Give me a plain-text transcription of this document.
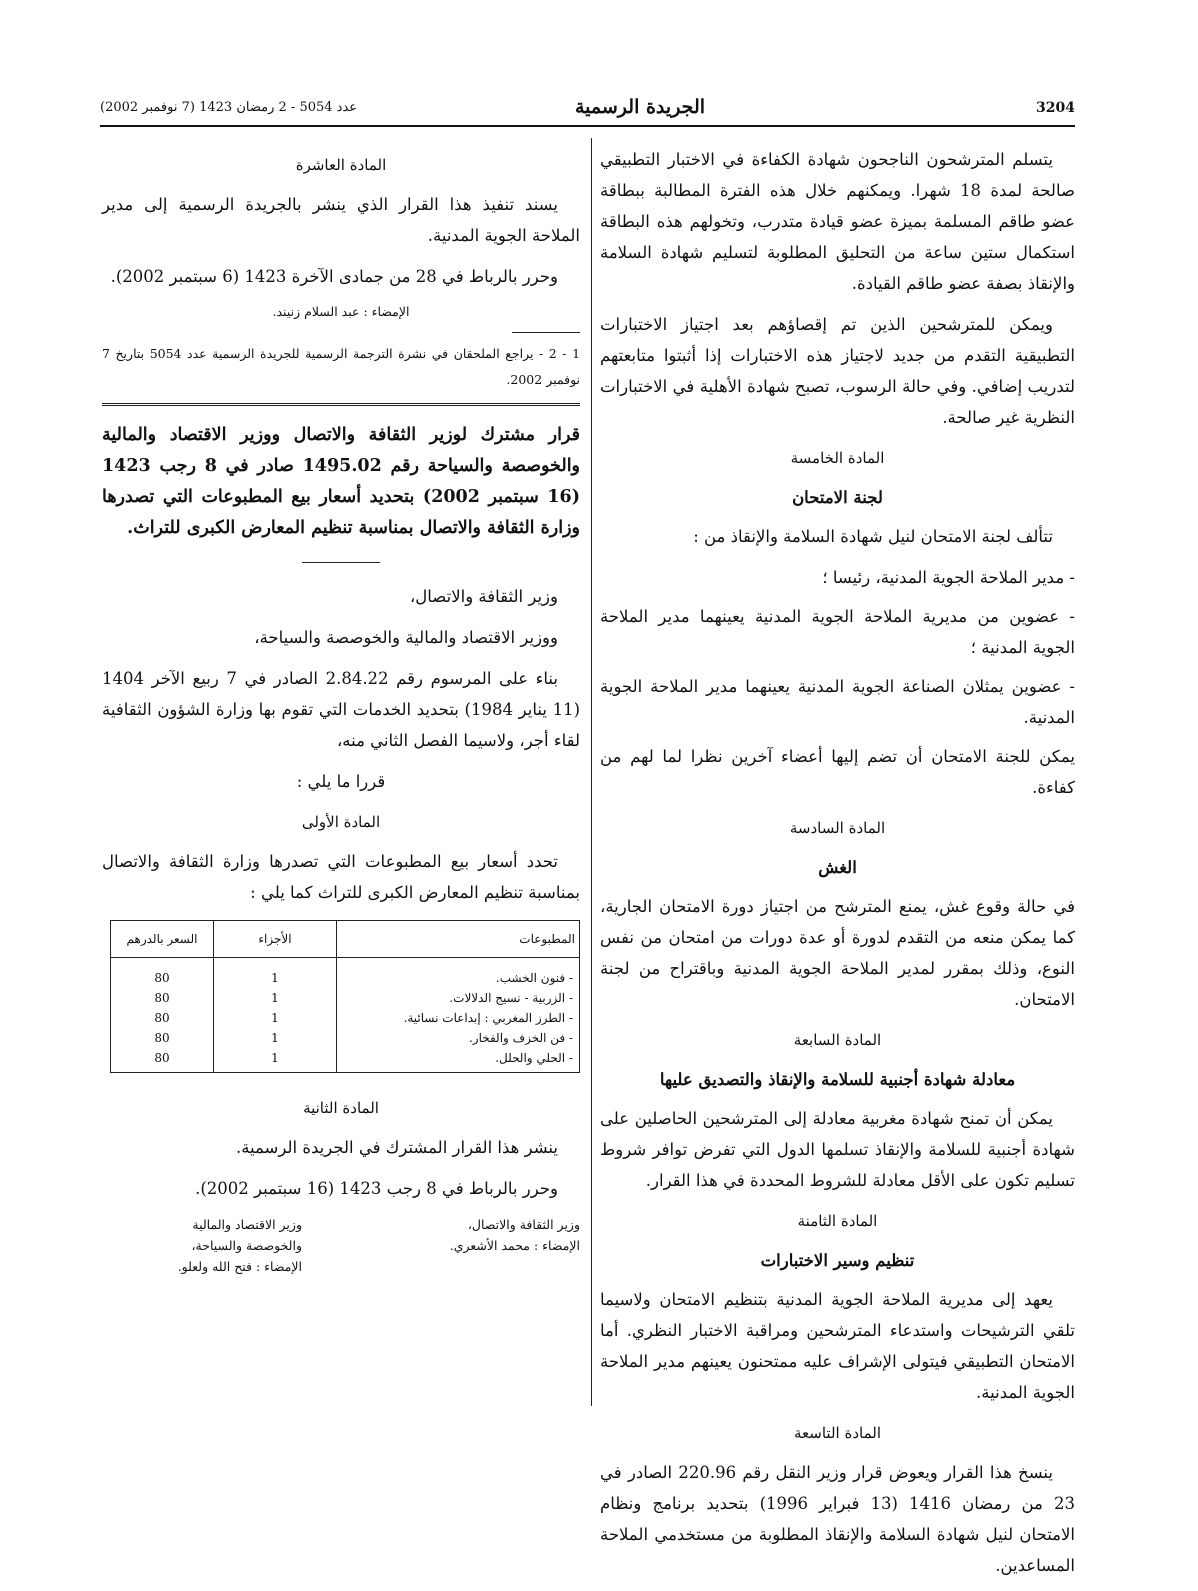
3204
الجريدة الرسمية
عدد 5054 - 2 رمضان 1423 (7 نوفمبر 2002)

يتسلم المترشحون الناجحون شهادة الكفاءة في الاختبار التطبيقي صالحة لمدة 18 شهرا. ويمكنهم خلال هذه الفترة المطالبة ببطاقة عضو طاقم المسلمة بميزة عضو قيادة متدرب، وتخولهم هذه البطاقة استكمال ستين ساعة من التحليق المطلوبة لتسليم شهادة السلامة والإنقاذ بصفة عضو طاقم القيادة.

ويمكن للمترشحين الذين تم إقصاؤهم بعد اجتياز الاختبارات التطبيقية التقدم من جديد لاجتياز هذه الاختبارات إذا أثبتوا متابعتهم لتدريب إضافي. وفي حالة الرسوب، تصبح شهادة الأهلية في الاختبارات النظرية غير صالحة.

المادة الخامسة
لجنة الامتحان

تتألف لجنة الامتحان لنيل شهادة السلامة والإنقاذ من :

- مدير الملاحة الجوية المدنية، رئيسا ؛

- عضوين من مديرية الملاحة الجوية المدنية يعينهما مدير الملاحة الجوية المدنية ؛

- عضوين يمثلان الصناعة الجوية المدنية يعينهما مدير الملاحة الجوية المدنية.

يمكن للجنة الامتحان أن تضم إليها أعضاء آخرين نظرا لما لهم من كفاءة.

المادة السادسة
الغش

في حالة وقوع غش، يمنع المترشح من اجتياز دورة الامتحان الجارية، كما يمكن منعه من التقدم لدورة أو عدة دورات من امتحان من نفس النوع، وذلك بمقرر لمدير الملاحة الجوية المدنية وباقتراح من لجنة الامتحان.

المادة السابعة
معادلة شهادة أجنبية للسلامة والإنقاذ والتصديق عليها

يمكن أن تمنح شهادة مغربية معادلة إلى المترشحين الحاصلين على شهادة أجنبية للسلامة والإنقاذ تسلمها الدول التي تفرض توافر شروط تسليم تكون على الأقل معادلة للشروط المحددة في هذا القرار.

المادة الثامنة
تنظيم وسير الاختبارات

يعهد إلى مديرية الملاحة الجوية المدنية بتنظيم الامتحان ولاسيما تلقي الترشيحات واستدعاء المترشحين ومراقبة الاختبار النظري. أما الامتحان التطبيقي فيتولى الإشراف عليه ممتحنون يعينهم مدير الملاحة الجوية المدنية.

المادة التاسعة

ينسخ هذا القرار ويعوض قرار وزير النقل رقم 220.96 الصادر في 23 من رمضان 1416 (13 فبراير 1996) بتحديد برنامج ونظام الامتحان لنيل شهادة السلامة والإنقاذ المطلوبة من مستخدمي الملاحة المساعدين.

المادة العاشرة

يسند تنفيذ هذا القرار الذي ينشر بالجريدة الرسمية إلى مدير الملاحة الجوية المدنية.

وحرر بالرباط في 28 من جمادى الآخرة 1423 (6 سبتمبر 2002).

الإمضاء : عبد السلام زنيند.

1 - 2 - يراجع الملحقان في نشرة الترجمة الرسمية للجريدة الرسمية عدد 5054 بتاريخ 7 نوفمبر 2002.

قرار مشترك لوزير الثقافة والاتصال ووزير الاقتصاد والمالية والخوصصة والسياحة رقم 1495.02 صادر في 8 رجب 1423 (16 سبتمبر 2002) بتحديد أسعار بيع المطبوعات التي تصدرها وزارة الثقافة والاتصال بمناسبة تنظيم المعارض الكبرى للتراث.

وزير الثقافة والاتصال،

ووزير الاقتصاد والمالية والخوصصة والسياحة،

بناء على المرسوم رقم 2.84.22 الصادر في 7 ربيع الآخر 1404 (11 يناير 1984) بتحديد الخدمات التي تقوم بها وزارة الشؤون الثقافية لقاء أجر، ولاسيما الفصل الثاني منه،

قررا ما يلي :

المادة الأولى

تحدد أسعار بيع المطبوعات التي تصدرها وزارة الثقافة والاتصال بمناسبة تنظيم المعارض الكبرى للتراث كما يلي :

المطبوعات	الأجزاء	السعر بالدرهم
- فنون الخشب.	1	80
- الزربية - نسيج الدلالات.	1	80
- الطرز المغربي : إبداعات نسائية.	1	80
- فن الخزف والفخار.	1	80
- الحلي والحلل.	1	80
المادة الثانية

ينشر هذا القرار المشترك في الجريدة الرسمية.

وحرر بالرباط في 8 رجب 1423 (16 سبتمبر 2002).

وزير الثقافة والاتصال،
الإمضاء : محمد الأشعري.
وزير الاقتصاد والمالية
والخوصصة والسياحة،
الإمضاء : فتح الله ولعلو.
